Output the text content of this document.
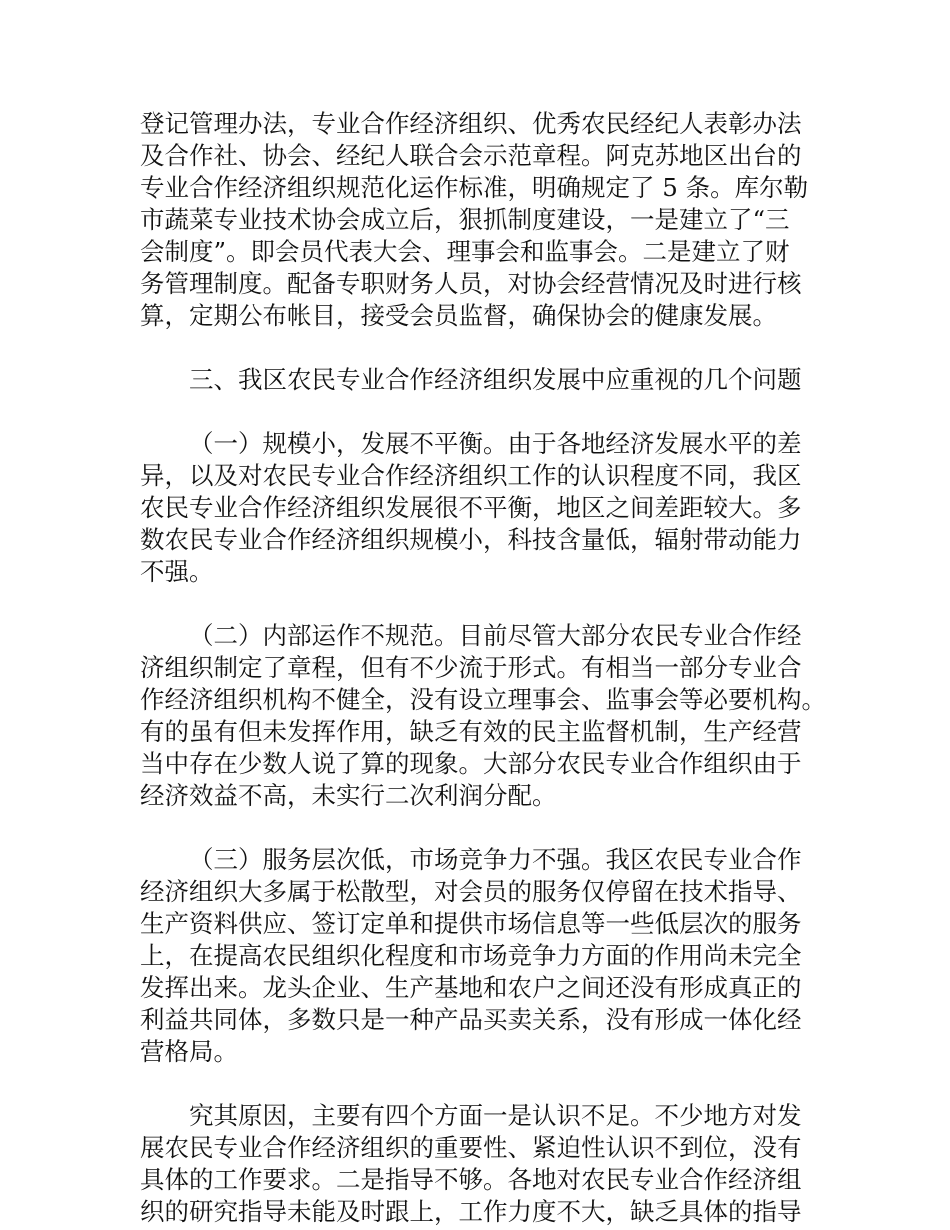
登记管理办法，专业合作经济组织、优秀农民经纪人表彰办法
及合作社、协会、经纪人联合会示范章程。阿克苏地区出台的
专业合作经济组织规范化运作标准，明确规定了 5 条。库尔勒
市蔬菜专业技术协会成立后，狠抓制度建设，一是建立了“三
会制度”。即会员代表大会、理事会和监事会。二是建立了财
务管理制度。配备专职财务人员，对协会经营情况及时进行核
算，定期公布帐目，接受会员监督，确保协会的健康发展。
三、我区农民专业合作经济组织发展中应重视的几个问题
（一）规模小，发展不平衡。由于各地经济发展水平的差
异，以及对农民专业合作经济组织工作的认识程度不同，我区
农民专业合作经济组织发展很不平衡，地区之间差距较大。多
数农民专业合作经济组织规模小，科技含量低，辐射带动能力
不强。
（二）内部运作不规范。目前尽管大部分农民专业合作经
济组织制定了章程，但有不少流于形式。有相当一部分专业合
作经济组织机构不健全，没有设立理事会、监事会等必要机构。
有的虽有但未发挥作用，缺乏有效的民主监督机制，生产经营
当中存在少数人说了算的现象。大部分农民专业合作组织由于
经济效益不高，未实行二次利润分配。
（三）服务层次低，市场竞争力不强。我区农民专业合作
经济组织大多属于松散型，对会员的服务仅停留在技术指导、
生产资料供应、签订定单和提供市场信息等一些低层次的服务
上，在提高农民组织化程度和市场竞争力方面的作用尚未完全
发挥出来。龙头企业、生产基地和农户之间还没有形成真正的
利益共同体，多数只是一种产品买卖关系，没有形成一体化经
营格局。
究其原因，主要有四个方面一是认识不足。不少地方对发
展农民专业合作经济组织的重要性、紧迫性认识不到位，没有
具体的工作要求。二是指导不够。各地对农民专业合作经济组
织的研究指导未能及时跟上，工作力度不大，缺乏具体的指导
